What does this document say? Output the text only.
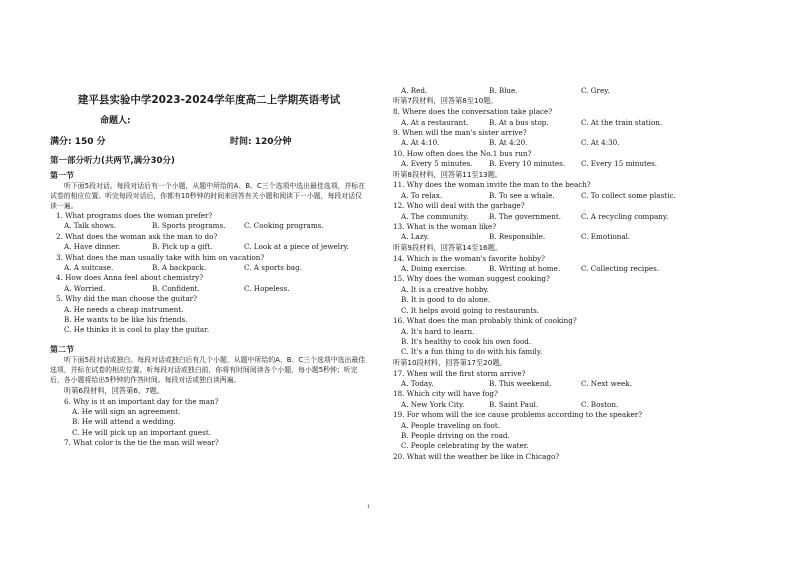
建平县实验中学2023-2024学年度高二上学期英语考试
命题人:
满分: 150 分	时间: 120分钟
第一部分听力(共两节,满分30分)
第一节

听下面5段对话。每段对话后有一个小题，从题中所给的A、B、C三个选项中选出最佳选项，并标在试卷的相应位置。听完每段对话后，你都有10秒钟的时间来回答有关小题和阅读下一小题，每段对话仅读一遍。

1. What programs does the woman prefer?
A. Talk shows.	B. Sports programs.	C. Cooking programs.
2. What does the woman ask the man to do?
A. Have dinner.	B. Pick up a gift.	C. Look at a piece of jewelry.
3. What does the man usually take with him on vacation?
A. A suitcase.	B. A backpack.	C. A sports bag.
4. How does Anna feel about chemistry?
A. Worried.	B. Confident.	C. Hopeless.
5. Why did the man choose the guitar?
A. He needs a cheap instrument.
B. He wants to be like his friends.
C. He thinks it is cool to play the guitar.
第二节

听下面5段对话或独白。每段对话或独白后有几个小题，从题中所给的A、B、C三个选项中选出最佳选项，并标在试卷的相应位置。听每段对话或独白前，你将有时间阅读各个小题，每小题5秒钟；听完后，各小题将给出5秒钟的作答时间。每段对话或独白读两遍。

听第6段材料，回答第6、7题。
6. Why is it an important day for the man?
A. He will sign an agreement.
B. He will attend a wedding.
C. He will pick up an important guest.
7. What color is the tie the man will wear?
A. Red.	B. Blue.	C. Grey.
听第7段材料，回答第8至10题。
8. Where does the conversation take place?
A. At a restaurant.	B. At a bus stop.	C. At the train station.
9. When will the man's sister arrive?
A. At 4:10.	B. At 4:20.	C. At 4:30.
10. How often does the No.1 bus run?
A. Every 5 minutes.	B. Every 10 minutes.	C. Every 15 minutes.
听第8段材料，回答第11至13题。
11. Why does the woman invite the man to the beach?
A. To relax.	B. To see a whale.	C. To collect some plastic.
12. Who will deal with the garbage?
A. The community.	B. The government.	C. A recycling company.
13. What is the woman like?
A. Lazy.	B. Responsible.	C. Emotional.
听第9段材料，回答第14至16题。
14. Which is the woman's favorite hobby?
A. Doing exercise.	B. Writing at home.	C. Collecting recipes.
15. Why does the woman suggest cooking?
A. It is a creative hobby.
B. It is good to do alone.
C. It helps avoid going to restaurants.
16. What does the man probably think of cooking?
A. It's hard to learn.
B. It's healthy to cook his own food.
C. It's a fun thing to do with his family.
听第10段材料，回答第17至20题。
17. When will the first storm arrive?
A. Today.	B. This weekend.	C. Next week.
18. Which city will have fog?
A. New York City.	B. Saint Paul.	C. Boston.
19. For whom will the ice cause problems according to the speaker?
A. People traveling on foot.
B. People driving on the road.
C. People celebrating by the water.
20. What will the weather be like in Chicago?
1
